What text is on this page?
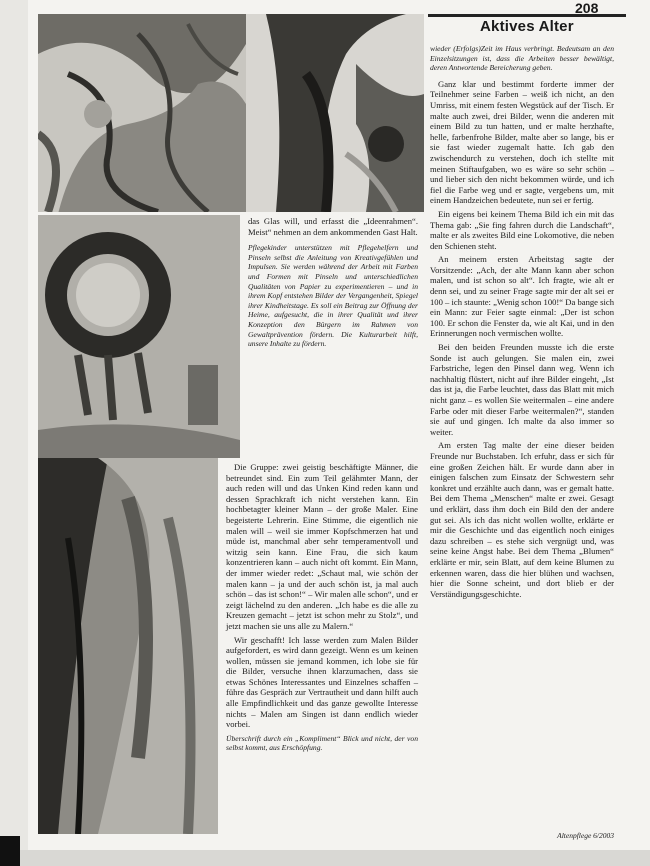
208
Aktives Alter

das Glas will, und erfasst die „Ideenrahmen“. Meist“ nehmen an dem ankommenden Gast Halt.

Pflegekinder unterstützen mit Pflegehelfern und Pinseln selbst die Anleitung von Kreativgefühlen und Impulsen. Sie werden während der Arbeit mit Farben und Formen mit Pinseln und unterschiedlichen Qualitäten von Papier zu experimentieren – und in ihrem Kopf entstehen Bilder der Vergangenheit, Spiegel ihrer Kindheitstage. Es soll ein Beitrag zur Öffnung der Heime, aufgesucht, die in ihrer Qualität und ihrer Konzeption den Bürgern im Rahmen von Gewaltprävention fördern. Die Kulturarbeit hilft, unsere Inhalte zu fördern.

Die Gruppe: zwei geistig beschäftigte Männer, die betreundet sind. Ein zum Teil gelähmter Mann, der auch reden will und das Unken Kind reden kann und dessen Sprachkraft ich nicht verstehen kann. Ein hochbetagter kleiner Mann – der große Maler. Eine begeisterte Lehrerin. Eine Stimme, die eigentlich nie malen will – weil sie immer Kopfschmerzen hat und müde ist, manchmal aber sehr temperamentvoll und witzig sein kann. Eine Frau, die sich kaum konzentrieren kann – auch nicht oft kommt. Ein Mann, der immer wieder redet: „Schaut mal, wie schön der malen kann – ja und der auch schön ist, ja mal auch schön – das ist schon!“ – Wir malen alle schon“, und er zeigt lächelnd zu den anderen. „Ich habe es die alle zu Kreuzen gemacht – jetzt ist schon mehr zu Stolz“, und jetzt machen sie uns alle zu Malern.“

Wir geschafft! Ich lasse werden zum Malen Bilder aufgefordert, es wird dann gezeigt. Wenn es um keinen wollen, müssen sie jemand kommen, ich lobe sie für die Bilder, versuche ihnen klarzumachen, dass sie etwas Schönes Interessantes und Einzelnes schaffen – führe das Gespräch zur Vertrautheit und dann hilft auch alle Empfindlichkeit und das ganze gewollte Interesse nichts – Malen am Singen ist dann endlich wieder vorbei.

Überschrift durch ein „Kompliment“ Blick und nicht, der von selbst kommt, aus Erschöpfung.

wieder (Erfolgs)Zeit im Haus verbringt. Bedeutsam an den Einzelsitzungen ist, dass die Arbeiten besser bewältigt, deren Antwortende Bereicherung geben.

Ganz klar und bestimmt forderte immer der Teilnehmer seine Farben – weiß ich nicht, an den Umriss, mit einem festen Wegstück auf der Tisch. Er malte auch zwei, drei Bilder, wenn die anderen mit einem Bild zu tun hatten, und er malte herzhafte, helle, farbenfrohe Bilder, malte aber so lange, bis er sie fast wieder zugemalt hatte. Ich gab den zwischendurch zu verstehen, doch ich stellte mit meinen Stiftaufgaben, wo es wäre so sehr schön – und lieber sich den nicht bekommen würde, und ich fiel die Farbe weg und er sagte, vergebens um, mit einem Handzeichen bedeutete, nun sei er fertig.

Ein eigens bei keinem Thema Bild ich ein mit das Thema gab: „Sie fing fahren durch die Landschaft“, malte er als zweites Bild eine Lokomotive, die neben den Schienen steht.

An meinem ersten Arbeitstag sagte der Vorsitzende: „Ach, der alte Mann kann aber schon malen, und ist schon so alt“. Ich fragte, wie alt er denn sei, und zu seiner Frage sagte mir der alt sei er 100 – ich staunte: „Wenig schon 100!“ Da bange sich ein Mann: zur Feier sagte einmal: „Der ist schon 100. Er schon die Fenster da, wie alt Kai, und in den Erinnerungen noch vermischen wollte.

Bei den beiden Freunden musste ich die erste Sonde ist auch gelungen. Sie malen ein, zwei Farbstriche, legen den Pinsel dann weg. Wenn ich nachhaltig flüstert, nicht auf ihre Bilder eingeht, „Ist das ist ja, die Farbe leuchtet, dass das Blatt mit mich nicht ganz – es wollen Sie weitermalen – eine andere Farbe oder mit dieser Farbe weitermalen?“, standen sie auf und gingen. Ich malte da also immer so weiter.

Am ersten Tag malte der eine dieser beiden Freunde nur Buchstaben. Ich erfuhr, dass er sich für eine großen Zeichen hält. Er wurde dann aber in einigen falschen zum Einsatz der Schwestern sehr konkret und erzählte auch dann, was er gemalt hatte. Bei dem Thema „Menschen“ malte er zwei. Gesagt und erklärt, dass ihm doch ein Bild den der andere gut sei. Als ich das nicht wollen wollte, erklärte er mir die Geschichte und das eigentlich noch einiges dazu schreiben – es stehe sich vergnügt und, was seine keine Angst habe. Bei dem Thema „Blumen“ erklärte er mir, sein Blatt, auf dem keine Blumen zu erkennen waren, dass die hier blühen und wachsen, hier die Sonne scheint, und dort blieb er der Verständigungsgeschichte.

Altenpflege 6/2003
